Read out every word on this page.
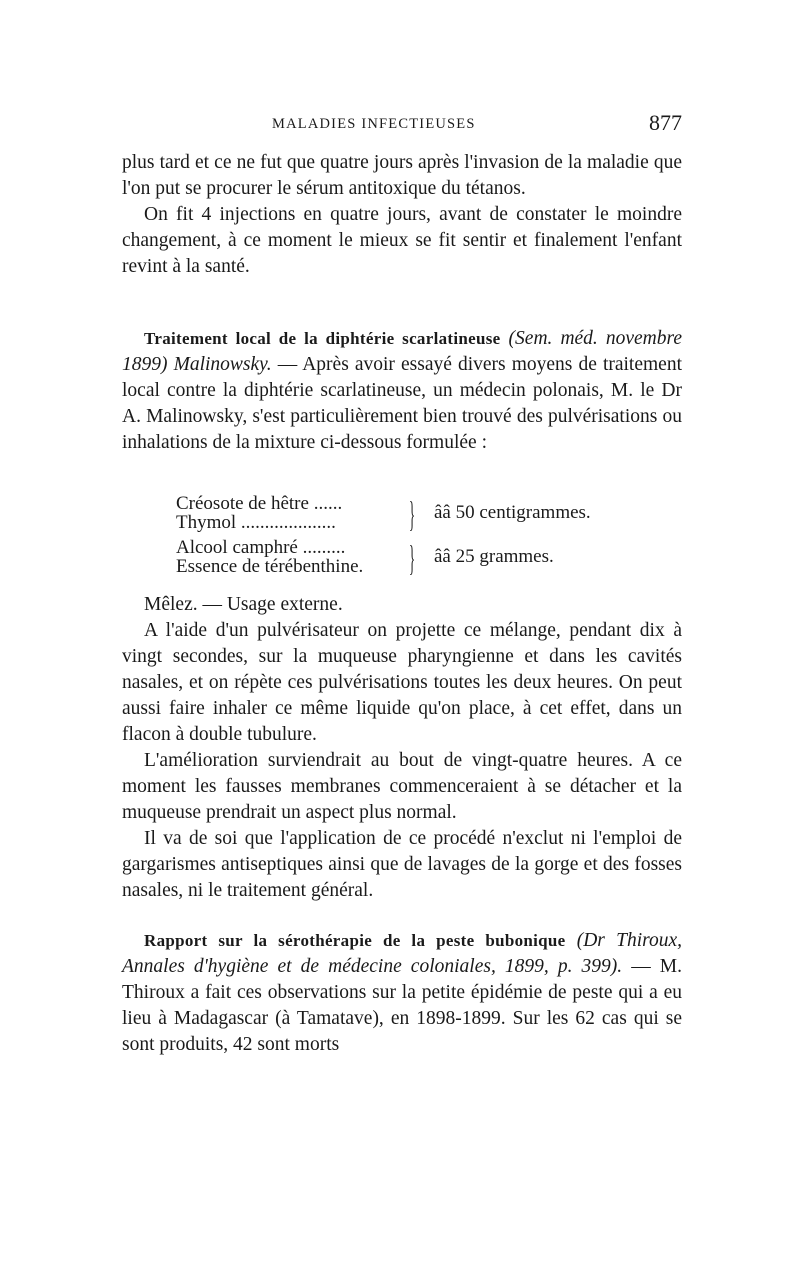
MALADIES INFECTIEUSES	877

plus tard et ce ne fut que quatre jours après l'invasion de la maladie que l'on put se procurer le sérum antitoxique du tétanos.

On fit 4 injections en quatre jours, avant de constater le moindre changement, à ce moment le mieux se fit sentir et finalement l'enfant revint à la santé.

Traitement local de la diphtérie scarlatineuse (Sem. méd. novembre 1899) Malinowsky. — Après avoir essayé divers moyens de traitement local contre la diphtérie scarlatineuse, un médecin polonais, M. le Dr A. Malinowsky, s'est particulièrement bien trouvé des pulvérisations ou inhalations de la mixture ci-dessous formulée :

Créosote de hêtre ......
Thymol ....................	} ââ 50 centigrammes.
Alcool camphré .........
Essence de térébenthine.	} ââ 25 grammes.

Mêlez. — Usage externe.

A l'aide d'un pulvérisateur on projette ce mélange, pendant dix à vingt secondes, sur la muqueuse pharyngienne et dans les cavités nasales, et on répète ces pulvérisations toutes les deux heures. On peut aussi faire inhaler ce même liquide qu'on place, à cet effet, dans un flacon à double tubulure.

L'amélioration surviendrait au bout de vingt-quatre heures. A ce moment les fausses membranes commenceraient à se détacher et la muqueuse prendrait un aspect plus normal.

Il va de soi que l'application de ce procédé n'exclut ni l'emploi de gargarismes antiseptiques ainsi que de lavages de la gorge et des fosses nasales, ni le traitement général.

Rapport sur la sérothérapie de la peste bubonique (Dr Thiroux, Annales d'hygiène et de médecine coloniales, 1899, p. 399). — M. Thiroux a fait ces observations sur la petite épidémie de peste qui a eu lieu à Madagascar (à Tamatave), en 1898-1899. Sur les 62 cas qui se sont produits, 42 sont morts
